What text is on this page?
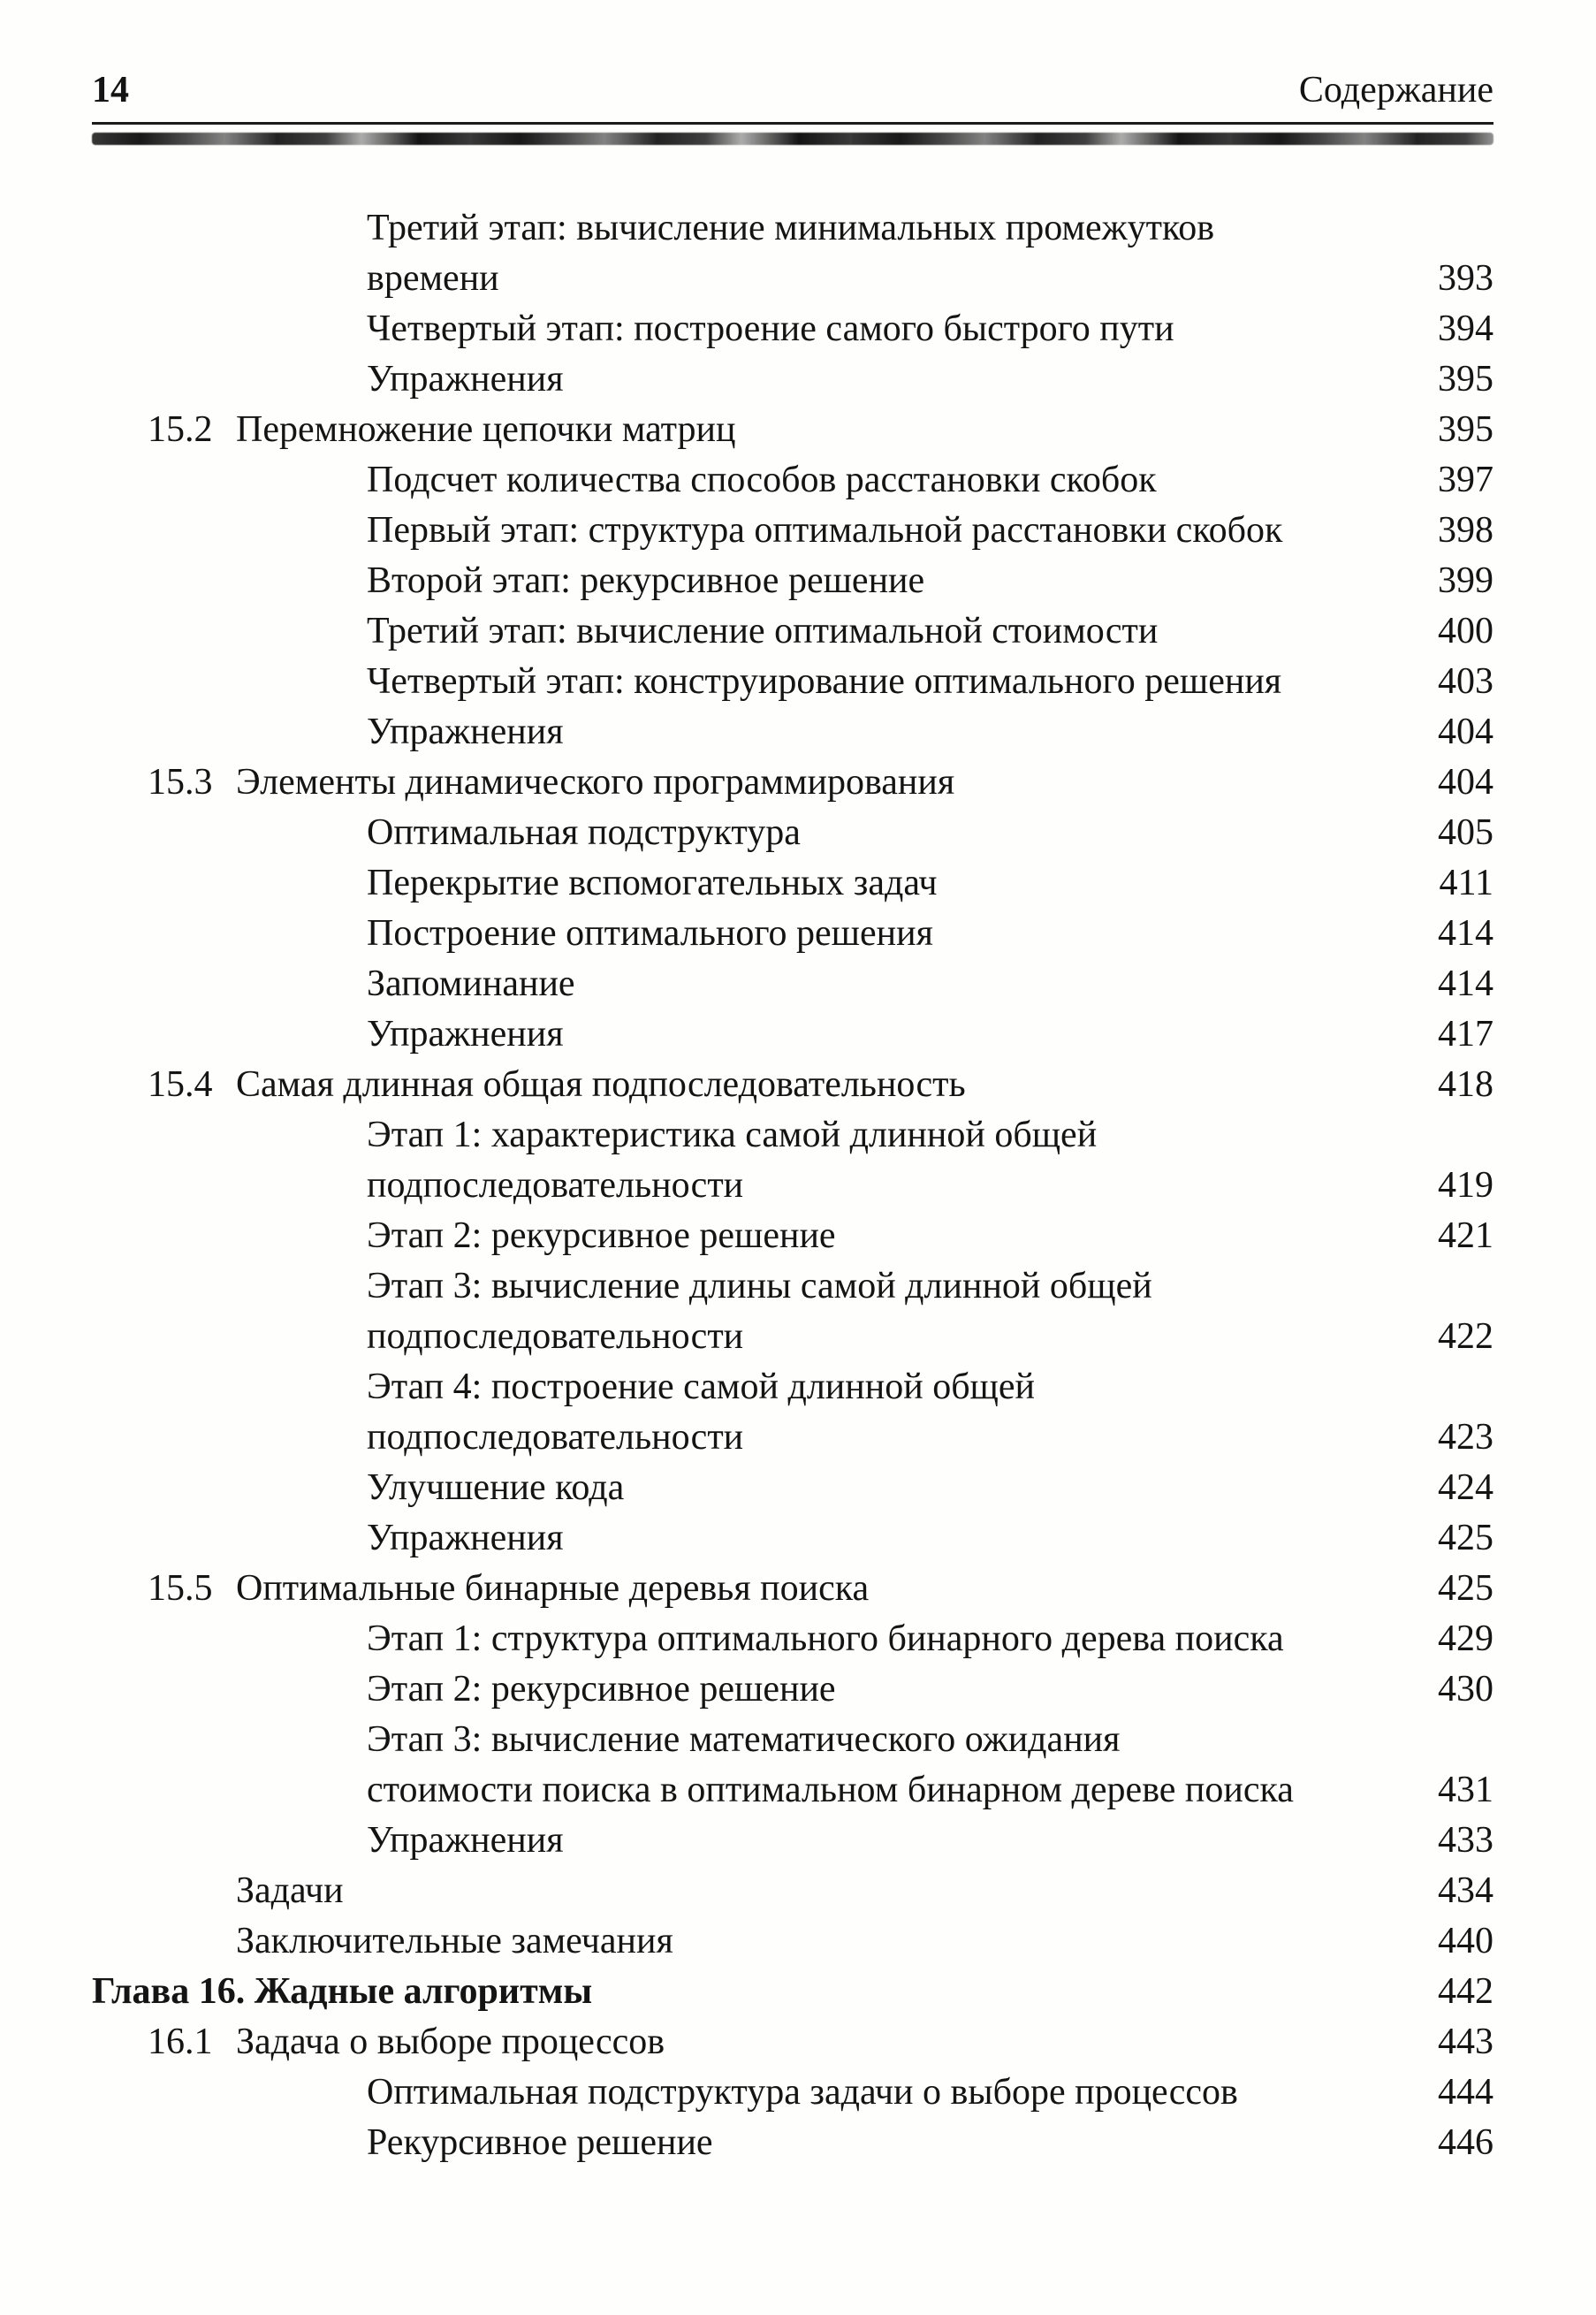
14	Содержание
Третий этап: вычисление минимальных промежутков
времени	393
Четвертый этап: построение самого быстрого пути	394
Упражнения	395
15.2 Перемножение цепочки матриц	395
Подсчет количества способов расстановки скобок	397
Первый этап: структура оптимальной расстановки скобок	398
Второй этап: рекурсивное решение	399
Третий этап: вычисление оптимальной стоимости	400
Четвертый этап: конструирование оптимального решения	403
Упражнения	404
15.3 Элементы динамического программирования	404
Оптимальная подструктура	405
Перекрытие вспомогательных задач	411
Построение оптимального решения	414
Запоминание	414
Упражнения	417
15.4 Самая длинная общая подпоследовательность	418
Этап 1: характеристика самой длинной общей
подпоследовательности	419
Этап 2: рекурсивное решение	421
Этап 3: вычисление длины самой длинной общей
подпоследовательности	422
Этап 4: построение самой длинной общей
подпоследовательности	423
Улучшение кода	424
Упражнения	425
15.5 Оптимальные бинарные деревья поиска	425
Этап 1: структура оптимального бинарного дерева поиска	429
Этап 2: рекурсивное решение	430
Этап 3: вычисление математического ожидания
стоимости поиска в оптимальном бинарном дереве поиска	431
Упражнения	433
Задачи	434
Заключительные замечания	440
Глава 16. Жадные алгоритмы	442
16.1 Задача о выборе процессов	443
Оптимальная подструктура задачи о выборе процессов	444
Рекурсивное решение	446
